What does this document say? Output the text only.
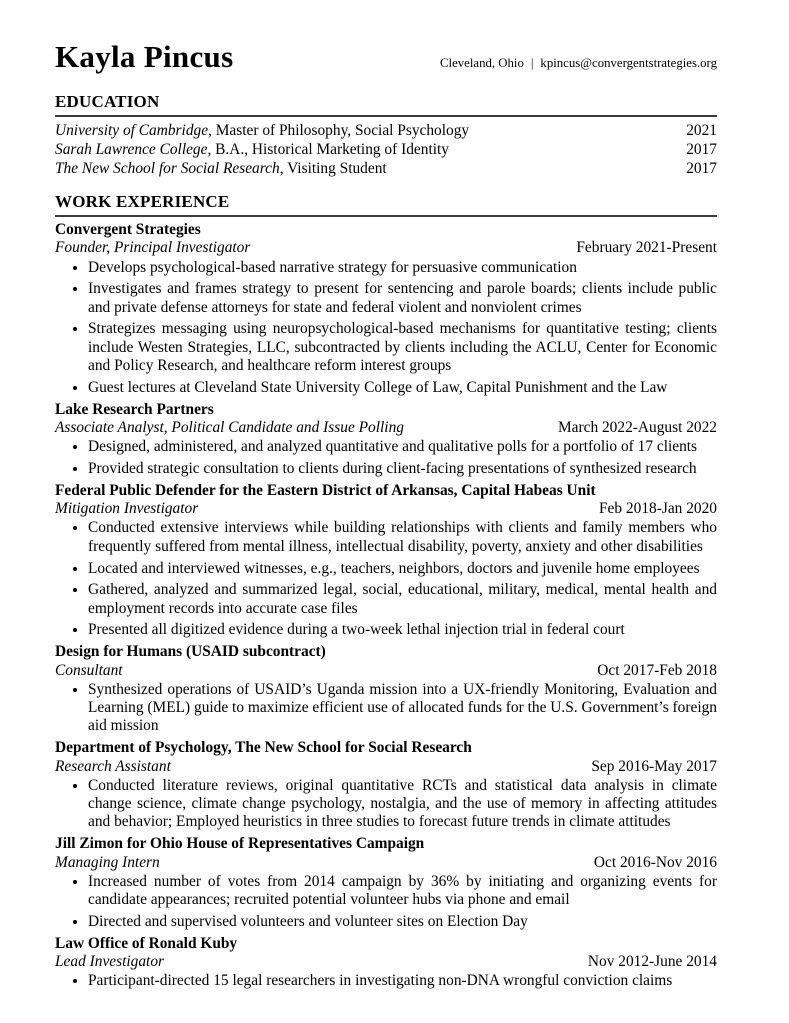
Kayla Pincus	Cleveland, Ohio | kpincus@convergentstrategies.org
EDUCATION
University of Cambridge, Master of Philosophy, Social Psychology	2021
Sarah Lawrence College, B.A., Historical Marketing of Identity	2017
The New School for Social Research, Visiting Student	2017
WORK EXPERIENCE
Convergent Strategies
Founder, Principal Investigator	February 2021-Present
• Develops psychological-based narrative strategy for persuasive communication
• Investigates and frames strategy to present for sentencing and parole boards; clients include public and private defense attorneys for state and federal violent and nonviolent crimes
• Strategizes messaging using neuropsychological-based mechanisms for quantitative testing; clients include Westen Strategies, LLC, subcontracted by clients including the ACLU, Center for Economic and Policy Research, and healthcare reform interest groups
• Guest lectures at Cleveland State University College of Law, Capital Punishment and the Law
Lake Research Partners
Associate Analyst, Political Candidate and Issue Polling	March 2022-August 2022
• Designed, administered, and analyzed quantitative and qualitative polls for a portfolio of 17 clients
• Provided strategic consultation to clients during client-facing presentations of synthesized research
Federal Public Defender for the Eastern District of Arkansas, Capital Habeas Unit
Mitigation Investigator	Feb 2018-Jan 2020
• Conducted extensive interviews while building relationships with clients and family members who frequently suffered from mental illness, intellectual disability, poverty, anxiety and other disabilities
• Located and interviewed witnesses, e.g., teachers, neighbors, doctors and juvenile home employees
• Gathered, analyzed and summarized legal, social, educational, military, medical, mental health and employment records into accurate case files
• Presented all digitized evidence during a two-week lethal injection trial in federal court
Design for Humans (USAID subcontract)
Consultant	Oct 2017-Feb 2018
• Synthesized operations of USAID’s Uganda mission into a UX-friendly Monitoring, Evaluation and Learning (MEL) guide to maximize efficient use of allocated funds for the U.S. Government’s foreign aid mission
Department of Psychology, The New School for Social Research
Research Assistant	Sep 2016-May 2017
• Conducted literature reviews, original quantitative RCTs and statistical data analysis in climate change science, climate change psychology, nostalgia, and the use of memory in affecting attitudes and behavior; Employed heuristics in three studies to forecast future trends in climate attitudes
Jill Zimon for Ohio House of Representatives Campaign
Managing Intern	Oct 2016-Nov 2016
• Increased number of votes from 2014 campaign by 36% by initiating and organizing events for candidate appearances; recruited potential volunteer hubs via phone and email
• Directed and supervised volunteers and volunteer sites on Election Day
Law Office of Ronald Kuby
Lead Investigator	Nov 2012-June 2014
• Participant-directed 15 legal researchers in investigating non-DNA wrongful conviction claims
